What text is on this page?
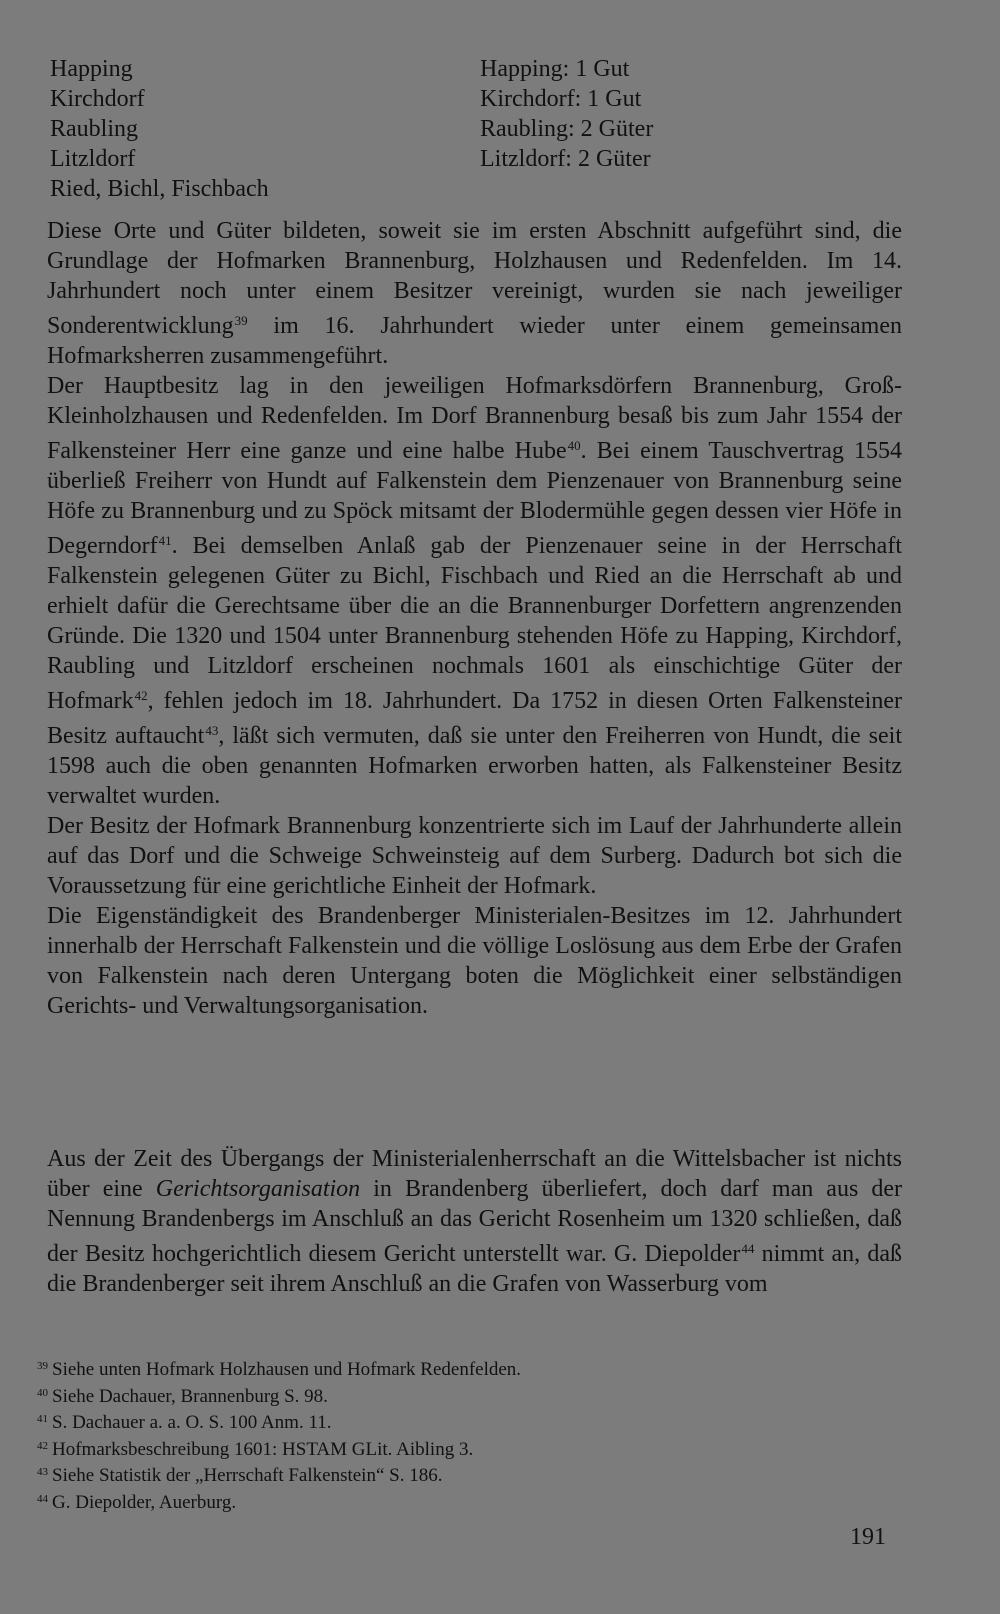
Happing
Kirchdorf
Raubling
Litzldorf
Ried, Bichl, Fischbach
Happing: 1 Gut
Kirchdorf: 1 Gut
Raubling: 2 Güter
Litzldorf: 2 Güter

Diese Orte und Güter bildeten, soweit sie im ersten Abschnitt aufgeführt sind, die Grundlage der Hofmarken Brannenburg, Holzhausen und Redenfelden. Im 14. Jahrhundert noch unter einem Besitzer vereinigt, wurden sie nach jeweiliger Sonderentwicklung$^{39}$ im 16. Jahrhundert wieder unter einem gemeinsamen Hofmarksherren zusammengeführt.

Der Hauptbesitz lag in den jeweiligen Hofmarksdörfern Brannenburg, Groß-Kleinholzhausen und Redenfelden. Im Dorf Brannenburg besaß bis zum Jahr 1554 der Falkensteiner Herr eine ganze und eine halbe Hube$^{40}$. Bei einem Tauschvertrag 1554 überließ Freiherr von Hundt auf Falkenstein dem Pienzenauer von Brannenburg seine Höfe zu Brannenburg und zu Spöck mitsamt der Blodermühle gegen dessen vier Höfe in Degerndorf$^{41}$. Bei demselben Anlaß gab der Pienzenauer seine in der Herrschaft Falkenstein gelegenen Güter zu Bichl, Fischbach und Ried an die Herrschaft ab und erhielt dafür die Gerechtsame über die an die Brannenburger Dorfettern angrenzenden Gründe. Die 1320 und 1504 unter Brannenburg stehenden Höfe zu Happing, Kirchdorf, Raubling und Litzldorf erscheinen nochmals 1601 als einschichtige Güter der Hofmark$^{42}$, fehlen jedoch im 18. Jahrhundert. Da 1752 in diesen Orten Falkensteiner Besitz auftaucht$^{43}$, läßt sich vermuten, daß sie unter den Freiherren von Hundt, die seit 1598 auch die oben genannten Hofmarken erworben hatten, als Falkensteiner Besitz verwaltet wurden.

Der Besitz der Hofmark Brannenburg konzentrierte sich im Lauf der Jahrhunderte allein auf das Dorf und die Schweige Schweinsteig auf dem Surberg. Dadurch bot sich die Voraussetzung für eine gerichtliche Einheit der Hofmark.

Die Eigenständigkeit des Brandenberger Ministerialen-Besitzes im 12. Jahrhundert innerhalb der Herrschaft Falkenstein und die völlige Loslösung aus dem Erbe der Grafen von Falkenstein nach deren Untergang boten die Möglichkeit einer selbständigen Gerichts- und Verwaltungsorganisation.

Aus der Zeit des Übergangs der Ministerialenherrschaft an die Wittelsbacher ist nichts über eine Gerichtsorganisation in Brandenberg überliefert, doch darf man aus der Nennung Brandenbergs im Anschluß an das Gericht Rosenheim um 1320 schließen, daß der Besitz hochgerichtlich diesem Gericht unterstellt war. G. Diepolder$^{44}$ nimmt an, daß die Brandenberger seit ihrem Anschluß an die Grafen von Wasserburg vom

$^{39}$ Siehe unten Hofmark Holzhausen und Hofmark Redenfelden.
$^{40}$ Siehe Dachauer, Brannenburg S. 98.
$^{41}$ S. Dachauer a. a. O. S. 100 Anm. 11.
$^{42}$ Hofmarksbeschreibung 1601: HSTAM GLit. Aibling 3.
$^{43}$ Siehe Statistik der „Herrschaft Falkenstein“ S. 186.
$^{44}$ G. Diepolder, Auerburg.
191
